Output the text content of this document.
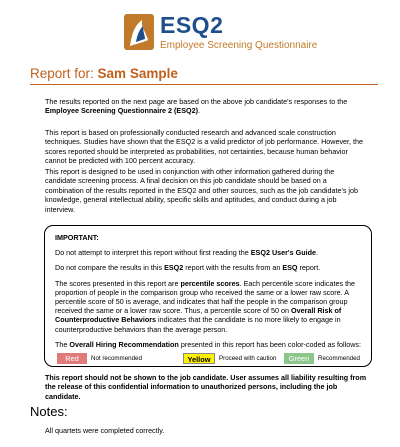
ESQ2
Employee Screening Questionnaire
Report for: Sam Sample
The results reported on the next page are based on the above job candidate's responses to the Employee Screening Questionnaire 2 (ESQ2).
This report is based on professionally conducted research and advanced scale construction techniques. Studies have shown that the ESQ2 is a valid predictor of job performance. However, the scores reported should be interpreted as probabilities, not certainties, because human behavior cannot be predicted with 100 percent accuracy.
This report is designed to be used in conjunction with other information gathered during the candidate screening process. A final decision on this job candidate should be based on a combination of the results reported in the ESQ2 and other sources, such as the job candidate's job knowledge, general intellectual ability, specific skills and aptitudes, and conduct during a job interview.

IMPORTANT:

Do not attempt to interpret this report without first reading the ESQ2 User's Guide.

Do not compare the results in this ESQ2 report with the results from an ESQ report.

The scores presented in this report are percentile scores. Each percentile score indicates the proportion of people in the comparison group who received the same or a lower raw score. A percentile score of 50 is average, and indicates that half the people in the comparison group received the same or a lower raw score. Thus, a percentile score of 50 on Overall Risk of Counterproductive Behaviors indicates that the candidate is no more likely to engage in counterproductive behaviors than the average person.

The Overall Hiring Recommendation presented in this report has been color-coded as follows:

Red	Not recommended	Yellow	Proceed with caution	Green	Recommended
This report should not be shown to the job candidate. User assumes all liability resulting from the release of this confidential information to unauthorized persons, including the job candidate.
Notes:
All quartets were completed correctly.
